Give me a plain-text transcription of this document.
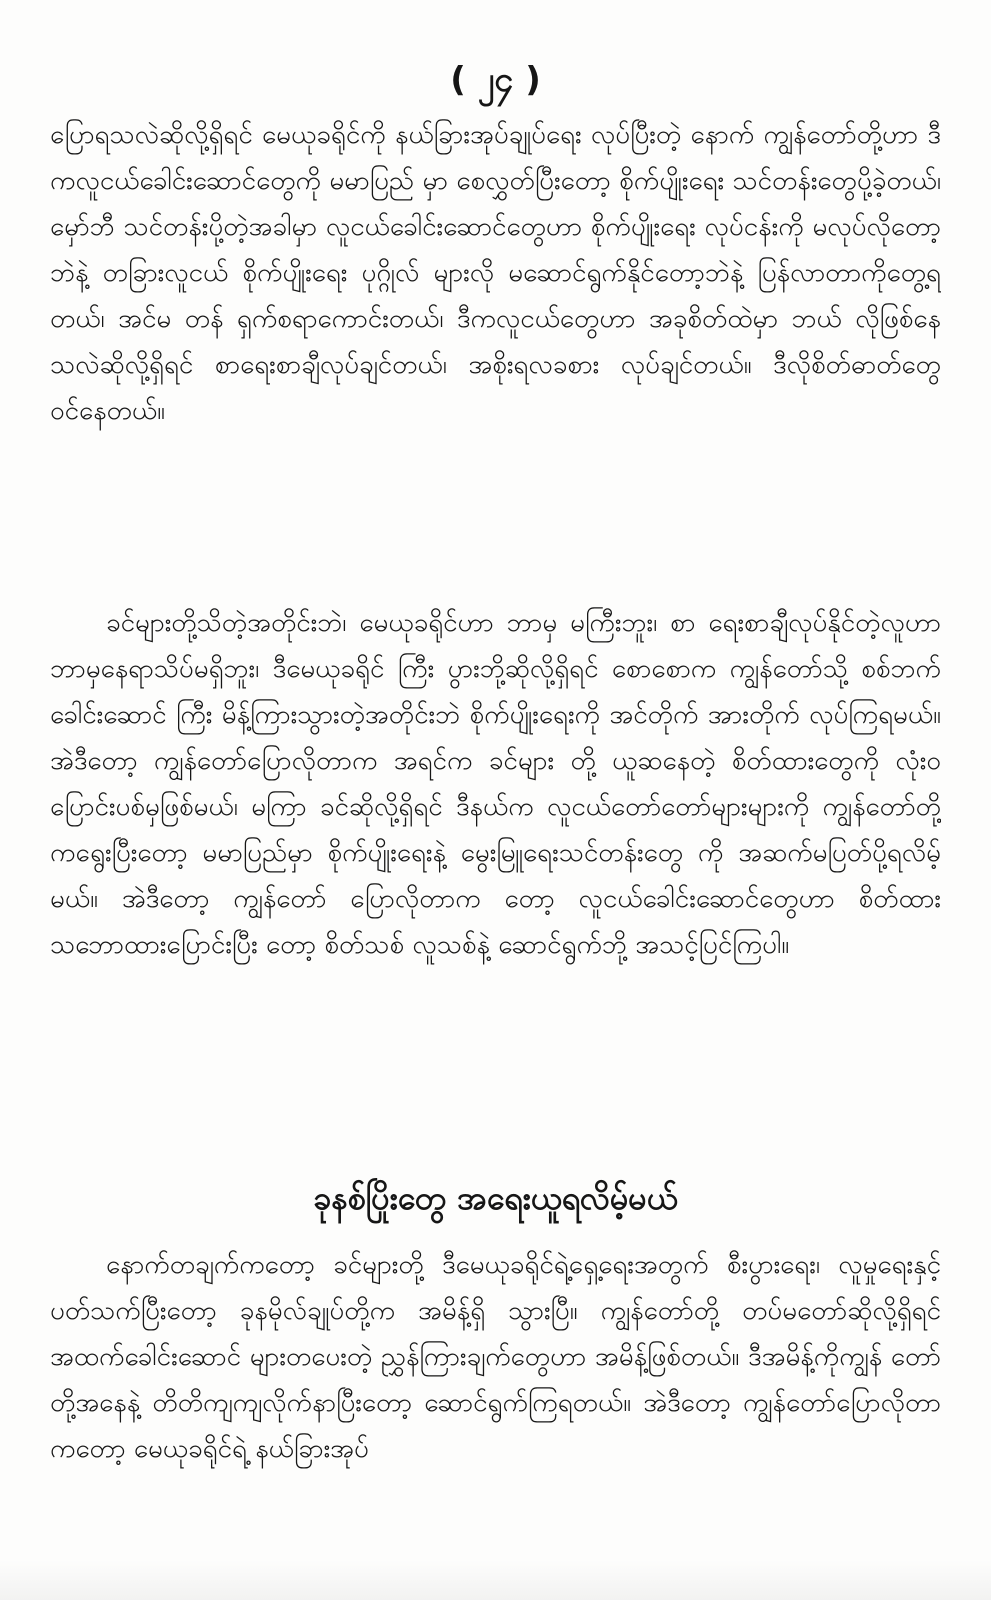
( ၂၄ )

ပြောရသလဲဆိုလို့ရှိရင် မေယုခရိုင်ကို နယ်ခြားအုပ်ချုပ်ရေး လုပ်ပြီးတဲ့ နောက် ကျွန်တော်တို့ဟာ ဒီကလူငယ်ခေါင်းဆောင်တွေကို မမာပြည် မှာ စေလွှတ်ပြီးတော့ စိုက်ပျိုးရေး သင်တန်းတွေပို့ခဲ့တယ်၊ မှော်ဘီ သင်တန်းပို့တဲ့အခါမှာ လူငယ်ခေါင်းဆောင်တွေဟာ စိုက်ပျိုးရေး လုပ်ငန်းကို မလုပ်လိုတော့ဘဲနဲ့ တခြားလူငယ် စိုက်ပျိုးရေး ပုဂ္ဂိုလ် များလို မဆောင်ရွက်နိုင်တော့ဘဲနဲ့ ပြန်လာတာကိုတွေ့ရတယ်၊ အင်မ တန် ရှက်စရာကောင်းတယ်၊ ဒီကလူငယ်တွေဟာ အခုစိတ်ထဲမှာ ဘယ် လိုဖြစ်နေသလဲဆိုလို့ရှိရင် စာရေးစာချီလုပ်ချင်တယ်၊ အစိုးရလခစား လုပ်ချင်တယ်။ ဒီလိုစိတ်ဓာတ်တွေဝင်နေတယ်။

ခင်များတို့သိတဲ့အတိုင်းဘဲ၊ မေယုခရိုင်ဟာ ဘာမှ မကြီးဘူး၊ စာ ရေးစာချီလုပ်နိုင်တဲ့လူဟာ ဘာမှနေရာသိပ်မရှိဘူး၊ ဒီမေယုခရိုင် ကြီး ပွားဘို့ဆိုလို့ရှိရင် စောစောက ကျွန်တော်သို့ စစ်ဘက်ခေါင်းဆောင် ကြီး မိန့်ကြားသွားတဲ့အတိုင်းဘဲ စိုက်ပျိုးရေးကို အင်တိုက် အားတိုက် လုပ်ကြရမယ်။ အဲဒီတော့ ကျွန်တော်ပြောလိုတာက အရင်က ခင်များ တို့ ယူဆနေတဲ့ စိတ်ထားတွေကို လုံးဝပြောင်းပစ်မှဖြစ်မယ်၊ မကြာ ခင်ဆိုလို့ရှိရင် ဒီနယ်က လူငယ်တော်တော်များများကို ကျွန်တော်တို့ ကရွေးပြီးတော့ မမာပြည်မှာ စိုက်ပျိုးရေးနဲ့ မွေးမြူရေးသင်တန်းတွေ ကို အဆက်မပြတ်ပို့ရလိမ့်မယ်။ အဲဒီတော့ ကျွန်တော် ပြောလိုတာက တော့ လူငယ်ခေါင်းဆောင်တွေဟာ စိတ်ထားသဘောထားပြောင်းပြီး တော့ စိတ်သစ် လူသစ်နဲ့ ဆောင်ရွက်ဘို့ အသင့်ပြင်ကြပါ။

ခုနစ်ပြိုးတွေ အရေးယူရလိမ့်မယ်

နောက်တချက်ကတော့ ခင်များတို့ ဒီမေယုခရိုင်ရဲ့ရှေ့ရေးအတွက် စီးပွားရေး၊ လူမှုရေးနှင့်ပတ်သက်ပြီးတော့ ခုနမိုလ်ချုပ်တို့က အမိန့်ရှိ သွားပြီ။ ကျွန်တော်တို့ တပ်မတော်ဆိုလို့ရှိရင် အထက်ခေါင်းဆောင် များတပေးတဲ့ ညွှန်ကြားချက်တွေဟာ အမိန့်ဖြစ်တယ်။ ဒီအမိန့်ကိုကျွန် တော်တို့အနေနဲ့ တိတိကျကျလိုက်နာပြီးတော့ ဆောင်ရွက်ကြရတယ်။ အဲဒီတော့ ကျွန်တော်ပြောလိုတာကတော့ မေယုခရိုင်ရဲ့ နယ်ခြားအုပ်
